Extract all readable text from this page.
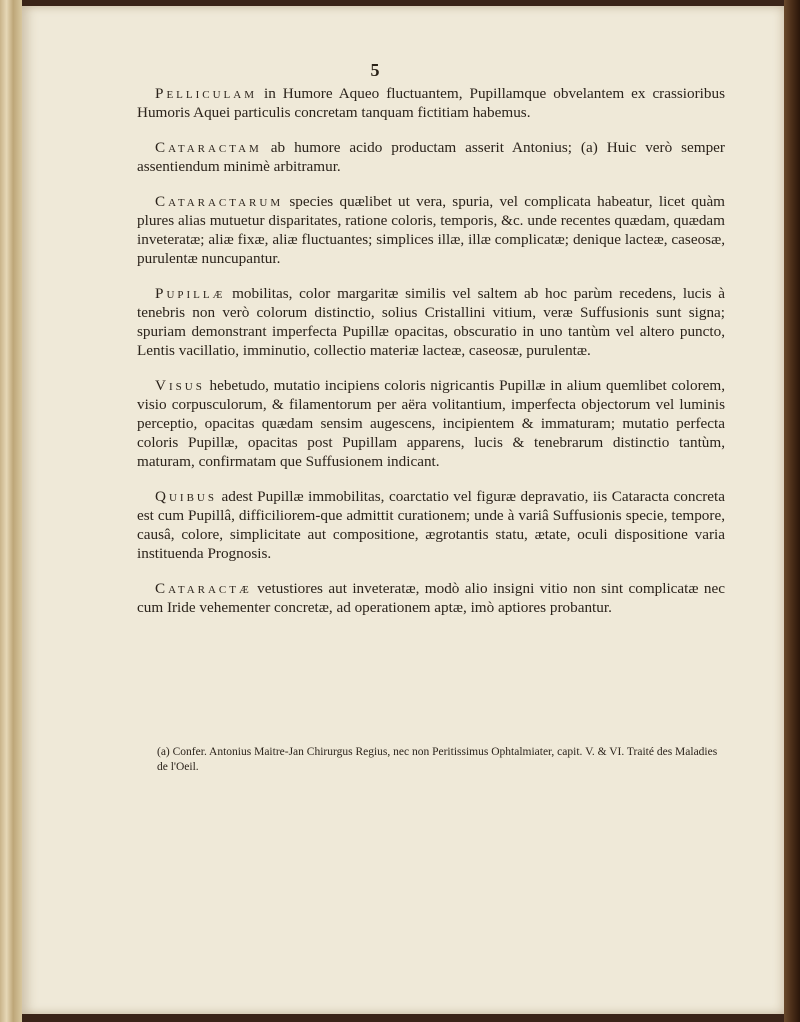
5

Pelliculam in Humore Aqueo fluctuantem, Pupillamque obvelantem ex crassioribus Humoris Aquei particulis concretam tanquam fictitiam habemus.

Cataractam ab humore acido productam asserit Antonius; (a) Huic verò semper assentiendum minimè arbitramur.

Cataractarum species quælibet ut vera, spuria, vel complicata habeatur, licet quàm plures alias mutuetur disparitates, ratione coloris, temporis, &c. unde recentes quædam, quædam inveteratæ; aliæ fixæ, aliæ fluctuantes; simplices illæ, illæ complicatæ; denique lacteæ, caseosæ, purulentæ nuncupantur.

Pupillæ mobilitas, color margaritæ similis vel saltem ab hoc parùm recedens, lucis à tenebris non verò colorum distinctio, solius Cristallini vitium, veræ Suffusionis sunt signa; spuriam demonstrant imperfecta Pupillæ opacitas, obscuratio in uno tantùm vel altero puncto, Lentis vacillatio, imminutio, collectio materiæ lacteæ, caseosæ, purulentæ.

Visus hebetudo, mutatio incipiens coloris nigricantis Pupillæ in alium quemlibet colorem, visio corpusculorum, & filamentorum per aëra volitantium, imperfecta objectorum vel luminis perceptio, opacitas quædam sensim augescens, incipientem & immaturam; mutatio perfecta coloris Pupillæ, opacitas post Pupillam apparens, lucis & tenebrarum distinctio tantùm, maturam, confirmatam que Suffusionem indicant.

Quibus adest Pupillæ immobilitas, coarctatio vel figuræ depravatio, iis Cataracta concreta est cum Pupillâ, difficiliorem-que admittit curationem; unde à variâ Suffusionis specie, tempore, causâ, colore, simplicitate aut compositione, ægrotantis statu, ætate, oculi dispositione varia instituenda Prognosis.

Cataractæ vetustiores aut inveteratæ, modò alio insigni vitio non sint complicatæ nec cum Iride vehementer concretæ, ad operationem aptæ, imò aptiores probantur.

(a) Confer. Antonius Maitre-Jan Chirurgus Regius, nec non Peritissimus Ophtalmiater, capit. V. & VI. Traité des Maladies de l'Oeil.
